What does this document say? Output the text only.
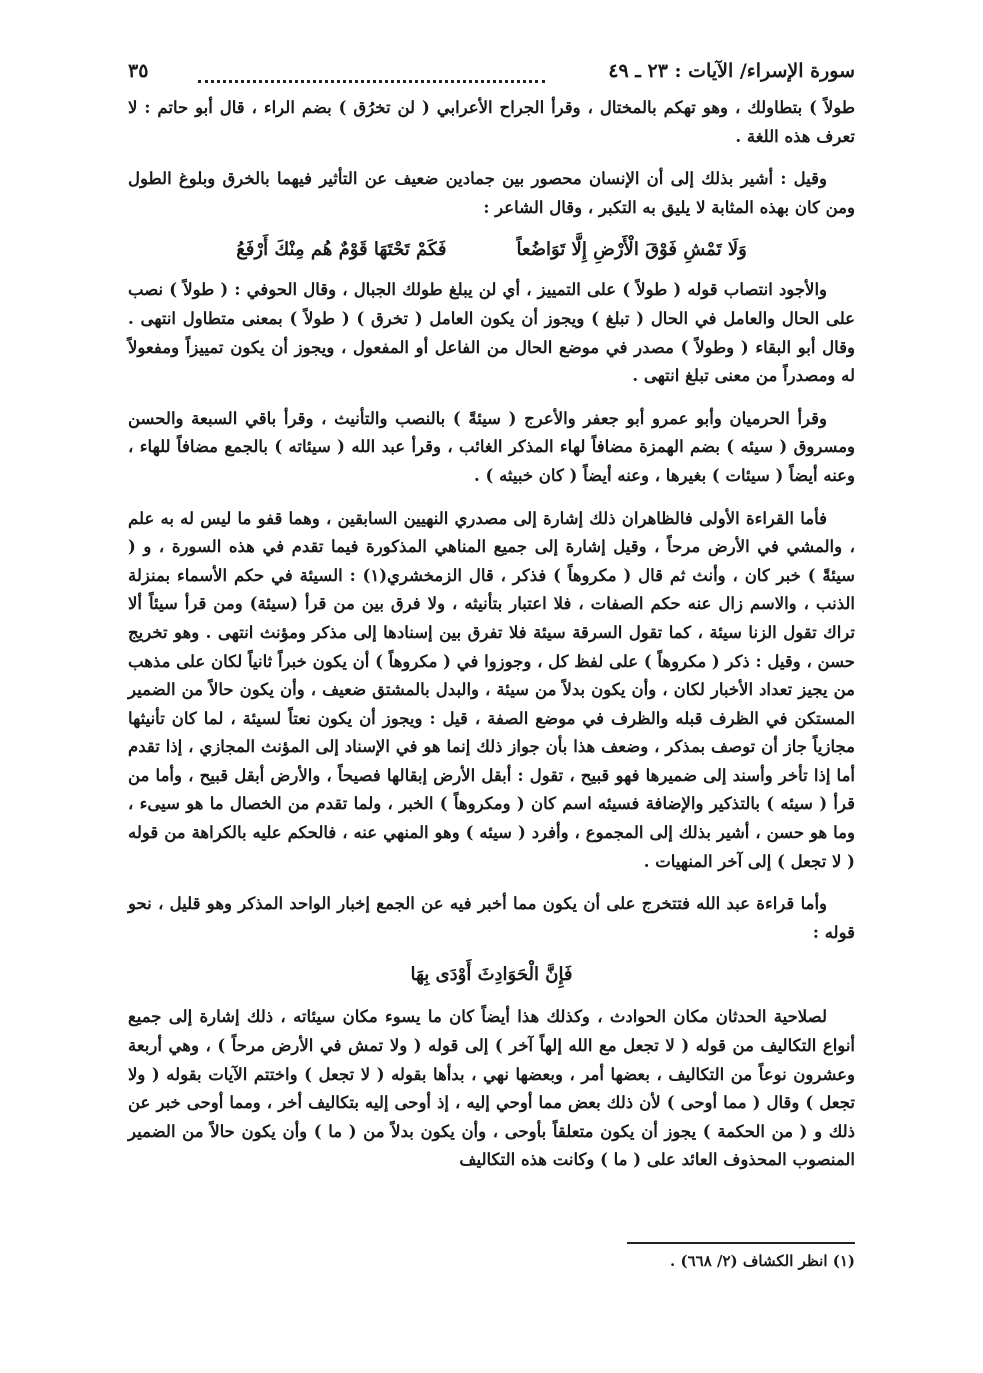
سورة الإسراء/ الآيات : ٢٣ ـ ٤٩
٣٥

طولاً ) بتطاولك ، وهو تهكم بالمختال ، وقرأ الجراح الأعرابي ( لن تخرُق ) بضم الراء ، قال أبو حاتم : لا تعرف هذه اللغة .

وقيل : أشير بذلك إلى أن الإنسان محصور بين جمادين ضعيف عن التأثير فيهما بالخرق وبلوغ الطول ومن كان بهذه المثابة لا يليق به التكبر ، وقال الشاعر :

وَلَا تَمْشِ فَوْقَ الْأَرْضِ إِلَّا تَوَاضُعاً
فَكَمْ تَحْتَهَا قَوْمٌ هُم مِنْكَ أَرْفَعُ

والأجود انتصاب قوله ( طولاً ) على التمييز ، أي لن يبلغ طولك الجبال ، وقال الحوفي : ( طولاً ) نصب على الحال والعامل في الحال ( تبلغ ) ويجوز أن يكون العامل ( تخرق ) ( طولاً ) بمعنى متطاول انتهى . وقال أبو البقاء ( وطولاً ) مصدر في موضع الحال من الفاعل أو المفعول ، ويجوز أن يكون تمييزاً ومفعولاً له ومصدراً من معنى تبلغ انتهى .

وقرأ الحرميان وأبو عمرو أبو جعفر والأعرج ( سيئةً ) بالنصب والتأنيث ، وقرأ باقي السبعة والحسن ومسروق ( سيئه ) بضم الهمزة مضافاً لهاء المذكر الغائب ، وقرأ عبد الله ( سيئاته ) بالجمع مضافاً للهاء ، وعنه أيضاً ( سيئات ) بغيرها ، وعنه أيضاً ( كان خبيثه ) .

فأما القراءة الأولى فالظاهران ذلك إشارة إلى مصدري النهيين السابقين ، وهما قفو ما ليس له به علم ، والمشي في الأرض مرحاً ، وقيل إشارة إلى جميع المناهي المذكورة فيما تقدم في هذه السورة ، و ( سيئةً ) خبر كان ، وأنث ثم قال ( مكروهاً ) فذكر ، قال الزمخشري(١) : السيئة في حكم الأسماء بمنزلة الذنب ، والاسم زال عنه حكم الصفات ، فلا اعتبار بتأنيثه ، ولا فرق بين من قرأ (سيئة) ومن قرأ سيئاً ألا تراك تقول الزنا سيئة ، كما تقول السرقة سيئة فلا تفرق بين إسنادها إلى مذكر ومؤنث انتهى . وهو تخريج حسن ، وقيل : ذكر ( مكروهاً ) على لفظ كل ، وجوزوا في ( مكروهاً ) أن يكون خبراً ثانياً لكان على مذهب من يجيز تعداد الأخبار لكان ، وأن يكون بدلاً من سيئة ، والبدل بالمشتق ضعيف ، وأن يكون حالاً من الضمير المستكن في الظرف قبله والظرف في موضع الصفة ، قيل : ويجوز أن يكون نعتاً لسيئة ، لما كان تأنيثها مجازياً جاز أن توصف بمذكر ، وضعف هذا بأن جواز ذلك إنما هو في الإسناد إلى المؤنث المجازي ، إذا تقدم أما إذا تأخر وأسند إلى ضميرها فهو قبيح ، تقول : أبقل الأرض إبقالها فصيحاً ، والأرض أبقل قبيح ، وأما من قرأ ( سيئه ) بالتذكير والإضافة فسيئه اسم كان ( ومكروهاً ) الخبر ، ولما تقدم من الخصال ما هو سيىء ، وما هو حسن ، أشير بذلك إلى المجموع ، وأفرد ( سيئه ) وهو المنهي عنه ، فالحكم عليه بالكراهة من قوله ( لا تجعل ) إلى آخر المنهيات .

وأما قراءة عبد الله فتتخرج على أن يكون مما أخبر فيه عن الجمع إخبار الواحد المذكر وهو قليل ، نحو قوله :

فَإِنَّ الْحَوَادِثَ أَوْدَى بِهَا

لصلاحية الحدثان مكان الحوادث ، وكذلك هذا أيضاً كان ما يسوء مكان سيئاته ، ذلك إشارة إلى جميع أنواع التكاليف من قوله ( لا تجعل مع الله إلهاً آخر ) إلى قوله ( ولا تمش في الأرض مرحاً ) ، وهي أربعة وعشرون نوعاً من التكاليف ، بعضها أمر ، وبعضها نهي ، بدأها بقوله ( لا تجعل ) واختتم الآيات بقوله ( ولا تجعل ) وقال ( مما أوحى ) لأن ذلك بعض مما أوحي إليه ، إذ أوحى إليه بتكاليف أخر ، ومما أوحى خبر عن ذلك و ( من الحكمة ) يجوز أن يكون متعلقاً بأوحى ، وأن يكون بدلاً من ( ما ) وأن يكون حالاً من الضمير المنصوب المحذوف العائد على ( ما ) وكانت هذه التكاليف

(١) انظر الكشاف (٢/ ٦٦٨) .
